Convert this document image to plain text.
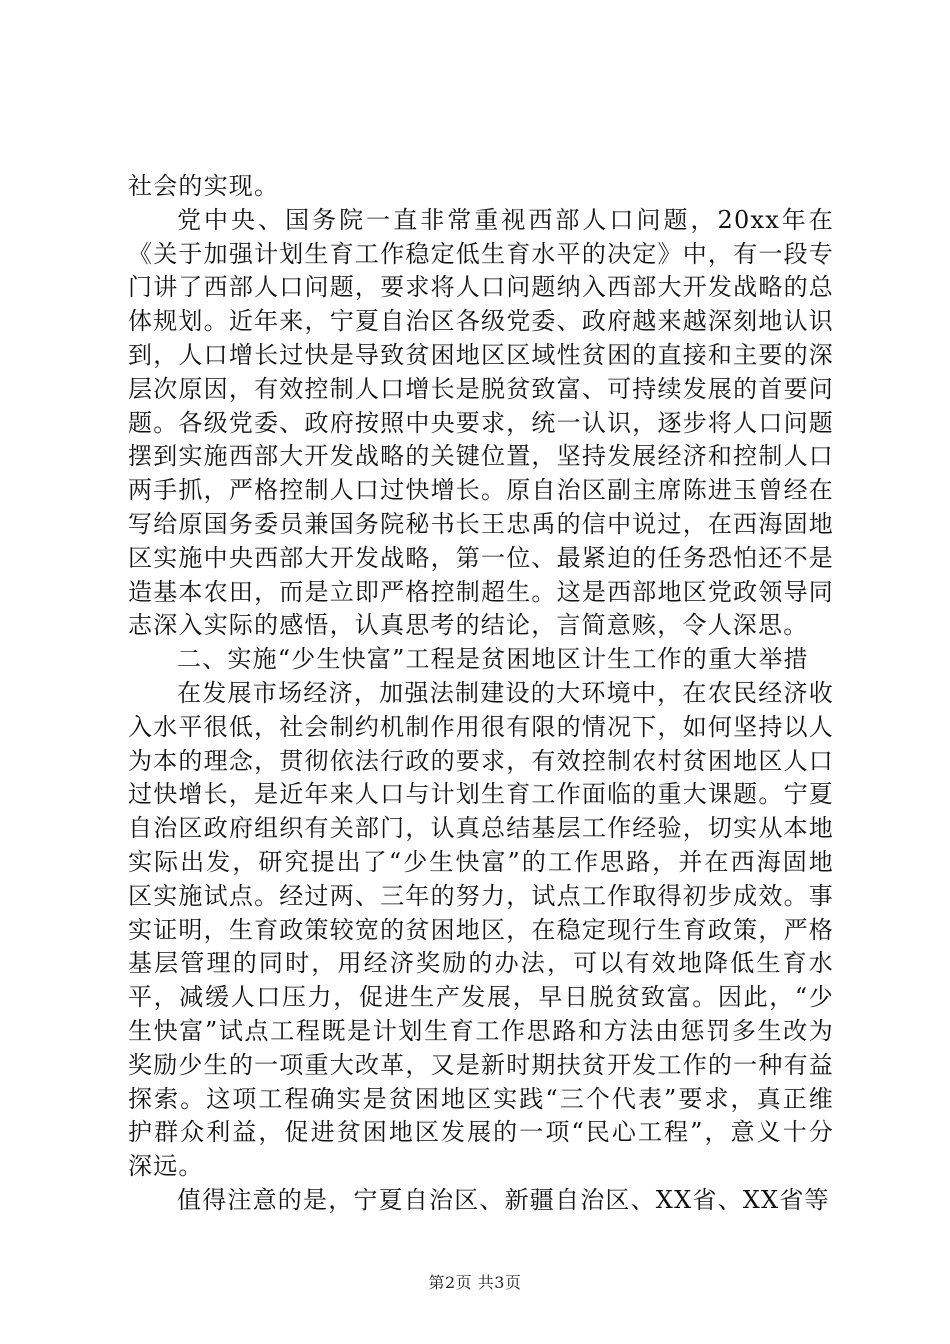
社会的实现。

党中央、国务院一直非常重视西部人口问题，20xx年在《关于加强计划生育工作稳定低生育水平的决定》中，有一段专门讲了西部人口问题，要求将人口问题纳入西部大开发战略的总体规划。近年来，宁夏自治区各级党委、政府越来越深刻地认识到，人口增长过快是导致贫困地区区域性贫困的直接和主要的深层次原因，有效控制人口增长是脱贫致富、可持续发展的首要问题。各级党委、政府按照中央要求，统一认识，逐步将人口问题摆到实施西部大开发战略的关键位置，坚持发展经济和控制人口两手抓，严格控制人口过快增长。原自治区副主席陈进玉曾经在写给原国务委员兼国务院秘书长王忠禹的信中说过，在西海固地区实施中央西部大开发战略，第一位、最紧迫的任务恐怕还不是造基本农田，而是立即严格控制超生。这是西部地区党政领导同志深入实际的感悟，认真思考的结论，言简意赅，令人深思。

二、实施“少生快富”工程是贫困地区计生工作的重大举措

在发展市场经济，加强法制建设的大环境中，在农民经济收入水平很低，社会制约机制作用很有限的情况下，如何坚持以人为本的理念，贯彻依法行政的要求，有效控制农村贫困地区人口过快增长，是近年来人口与计划生育工作面临的重大课题。宁夏自治区政府组织有关部门，认真总结基层工作经验，切实从本地实际出发，研究提出了“少生快富”的工作思路，并在西海固地区实施试点。经过两、三年的努力，试点工作取得初步成效。事实证明，生育政策较宽的贫困地区，在稳定现行生育政策，严格基层管理的同时，用经济奖励的办法，可以有效地降低生育水平，减缓人口压力，促进生产发展，早日脱贫致富。因此，“少生快富”试点工程既是计划生育工作思路和方法由惩罚多生改为奖励少生的一项重大改革，又是新时期扶贫开发工作的一种有益探索。这项工程确实是贫困地区实践“三个代表”要求，真正维护群众利益，促进贫困地区发展的一项“民心工程”，意义十分深远。

值得注意的是，宁夏自治区、新疆自治区、XX省、XX省等

第2页 共3页
